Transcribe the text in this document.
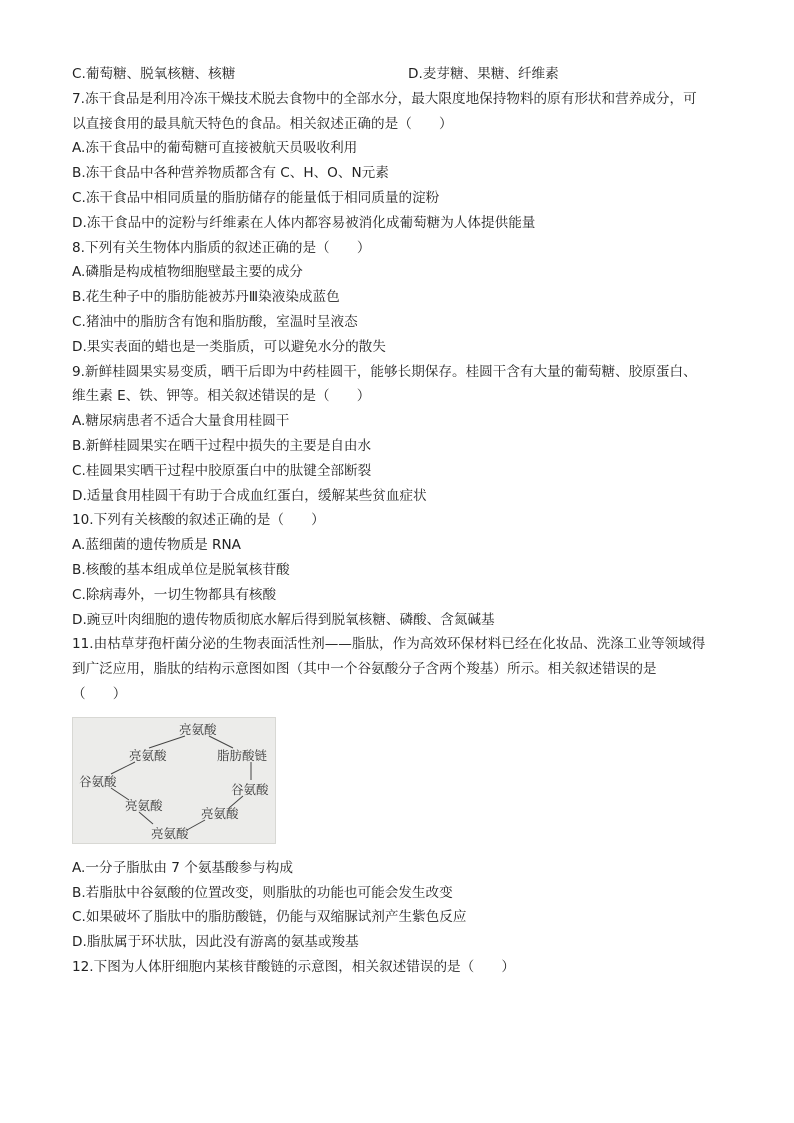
C.葡萄糖、脱氧核糖、核糖	D.麦芽糖、果糖、纤维素
7.冻干食品是利用冷冻干燥技术脱去食物中的全部水分，最大限度地保持物料的原有形状和营养成分，可
以直接食用的最具航天特色的食品。相关叙述正确的是（　　）
A.冻干食品中的葡萄糖可直接被航天员吸收利用
B.冻干食品中各种营养物质都含有 C、H、O、N元素
C.冻干食品中相同质量的脂肪储存的能量低于相同质量的淀粉
D.冻干食品中的淀粉与纤维素在人体内都容易被消化成葡萄糖为人体提供能量
8.下列有关生物体内脂质的叙述正确的是（　　）
A.磷脂是构成植物细胞壁最主要的成分
B.花生种子中的脂肪能被苏丹Ⅲ染液染成蓝色
C.猪油中的脂肪含有饱和脂肪酸，室温时呈液态
D.果实表面的蜡也是一类脂质，可以避免水分的散失
9.新鲜桂圆果实易变质，晒干后即为中药桂圆干，能够长期保存。桂圆干含有大量的葡萄糖、胶原蛋白、
维生素 E、铁、钾等。相关叙述错误的是（　　）
A.糖尿病患者不适合大量食用桂圆干
B.新鲜桂圆果实在晒干过程中损失的主要是自由水
C.桂圆果实晒干过程中胶原蛋白中的肽键全部断裂
D.适量食用桂圆干有助于合成血红蛋白，缓解某些贫血症状
10.下列有关核酸的叙述正确的是（　　）
A.蓝细菌的遗传物质是 RNA
B.核酸的基本组成单位是脱氧核苷酸
C.除病毒外，一切生物都具有核酸
D.豌豆叶肉细胞的遗传物质彻底水解后得到脱氧核糖、磷酸、含氮碱基
11.由枯草芽孢杆菌分泌的生物表面活性剂——脂肽，作为高效环保材料已经在化妆品、洗涤工业等领域得
到广泛应用，脂肽的结构示意图如图（其中一个谷氨酸分子含两个羧基）所示。相关叙述错误的是
（　　）
亮氨酸
亮氨酸	脂肪酸链
谷氨酸
谷氨酸
亮氨酸
亮氨酸
亮氨酸
A.一分子脂肽由 7 个氨基酸参与构成
B.若脂肽中谷氨酸的位置改变，则脂肽的功能也可能会发生改变
C.如果破坏了脂肽中的脂肪酸链，仍能与双缩脲试剂产生紫色反应
D.脂肽属于环状肽，因此没有游离的氨基或羧基
12.下图为人体肝细胞内某核苷酸链的示意图，相关叙述错误的是（　　）
